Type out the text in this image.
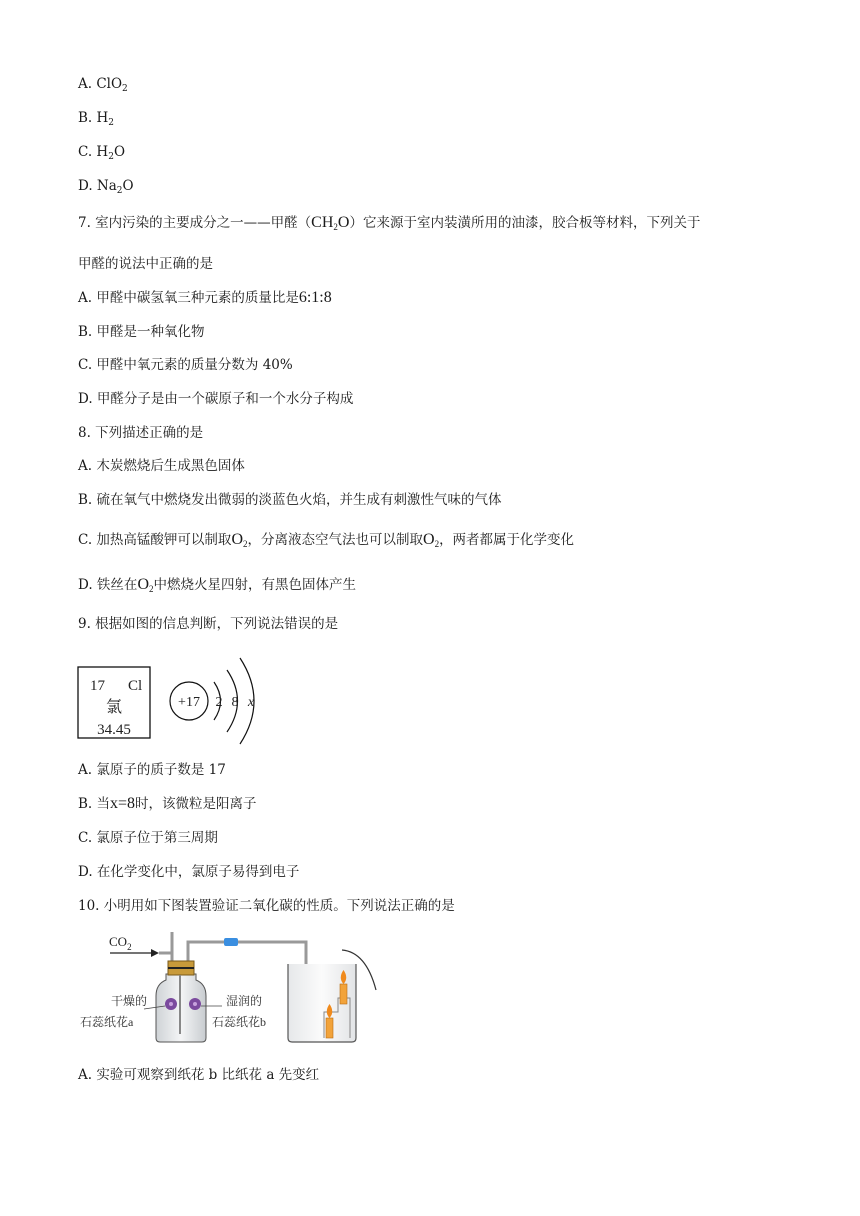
A. ClO$_2$
B. $H_2$
C. $H_2O$
D. $Na_2O$
7. 室内污染的主要成分之一——甲醛$(CH_2O)$它来源于室内装潢所用的油漆，胶合板等材料，下列关于
甲醛的说法中正确的是
A. 甲醛中碳氢氧三种元素的质量比是6:1:8
B. 甲醛是一种氧化物
C. 甲醛中氧元素的质量分数为 40%
D. 甲醛分子是由一个碳原子和一个水分子构成
8. 下列描述正确的是
A. 木炭燃烧后生成黑色固体
B. 硫在氧气中燃烧发出微弱的淡蓝色火焰，并生成有刺激性气味的气体
C. 加热高锰酸钾可以制取$O_2$，分离液态空气法也可以制取$O_2$，两者都属于化学变化
D. 铁丝在$O_2$中燃烧火星四射，有黑色固体产生
9. 根据如图的信息判断，下列说法错误的是
17 Cl
氯
34.45
+17 2 8 x
A. 氯原子的质子数是 17
B. 当x=8时，该微粒是阳离子
C. 氯原子位于第三周期
D. 在化学变化中，氯原子易得到电子
10. 小明用如下图装置验证二氧化碳的性质。下列说法正确的是
$CO_2$
干燥的
石蕊纸花a
湿润的
石蕊纸花b
A. 实验可观察到纸花 b 比纸花 a 先变红
